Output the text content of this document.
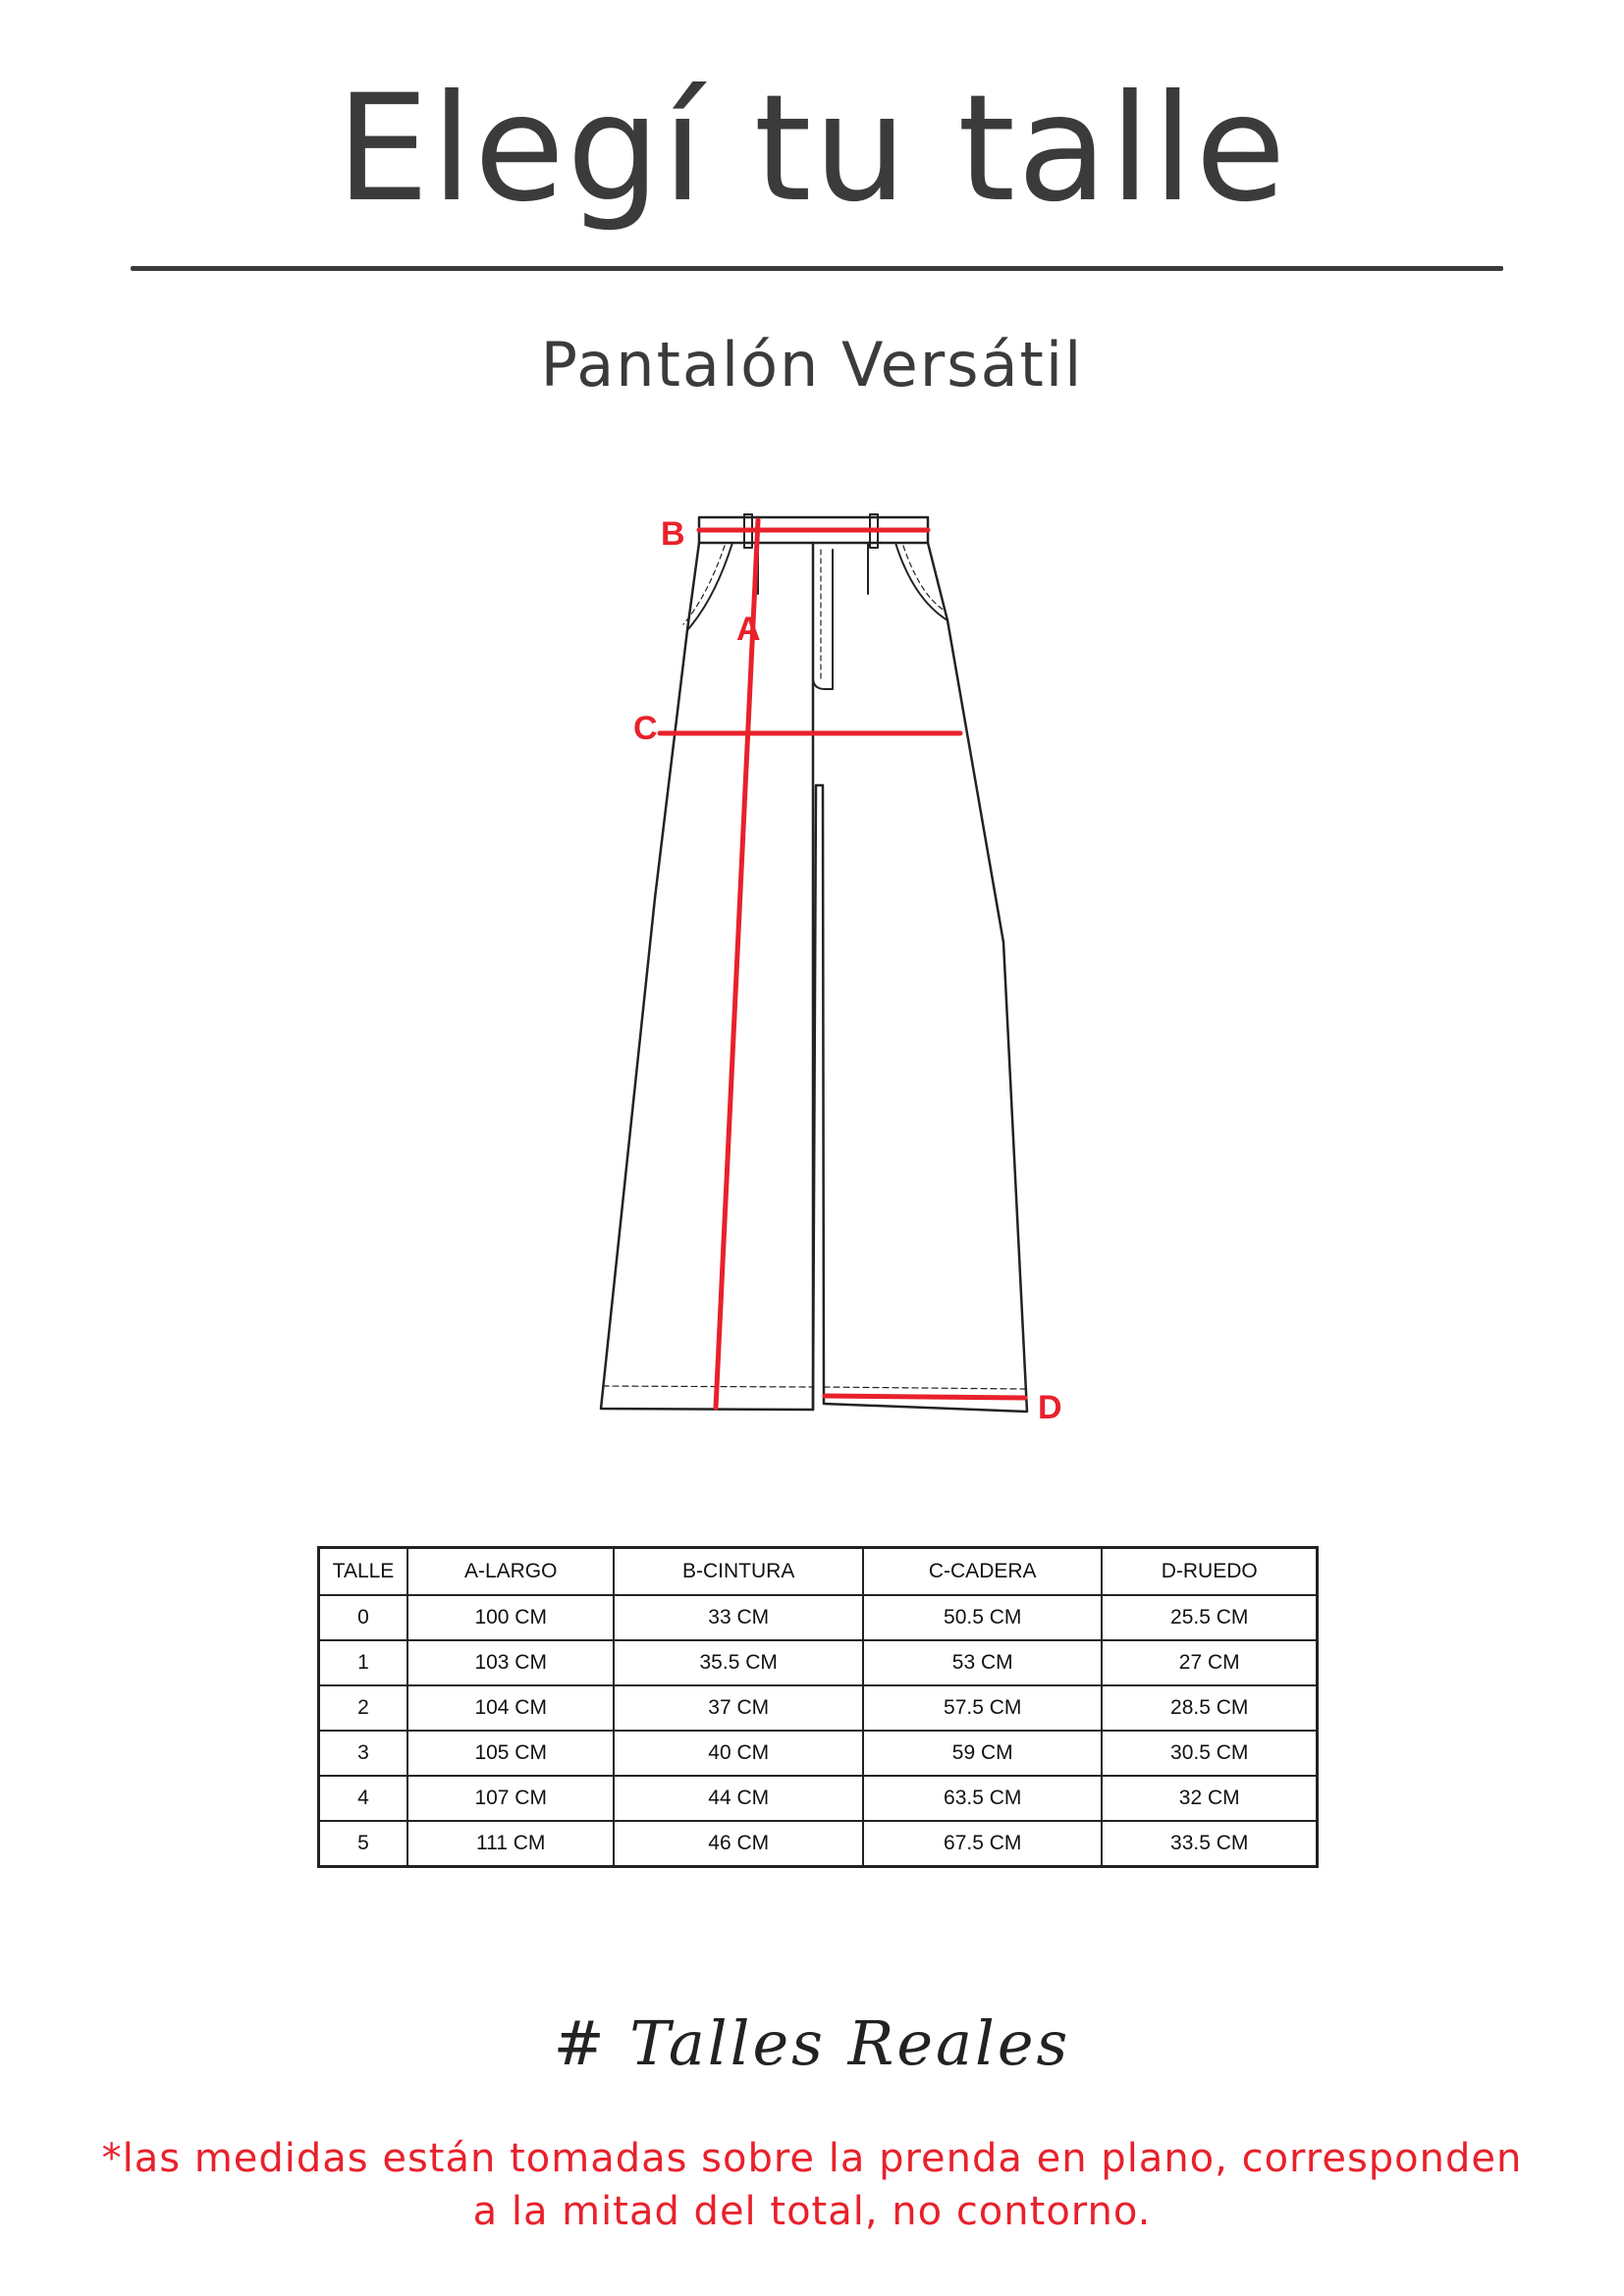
Elegí tu talle
Pantalón Versátil
A
B
C
D
TALLE	A-LARGO	B-CINTURA	C-CADERA	D-RUEDO
0	100 CM	33 CM	50.5 CM	25.5 CM
1	103 CM	35.5 CM	53 CM	27 CM
2	104 CM	37 CM	57.5 CM	28.5 CM
3	105 CM	40 CM	59 CM	30.5 CM
4	107 CM	44 CM	63.5 CM	32 CM
5	111 CM	46 CM	67.5 CM	33.5 CM
# Talles Reales
*las medidas están tomadas sobre la prenda en plano, corresponden
a la mitad del total, no contorno.
